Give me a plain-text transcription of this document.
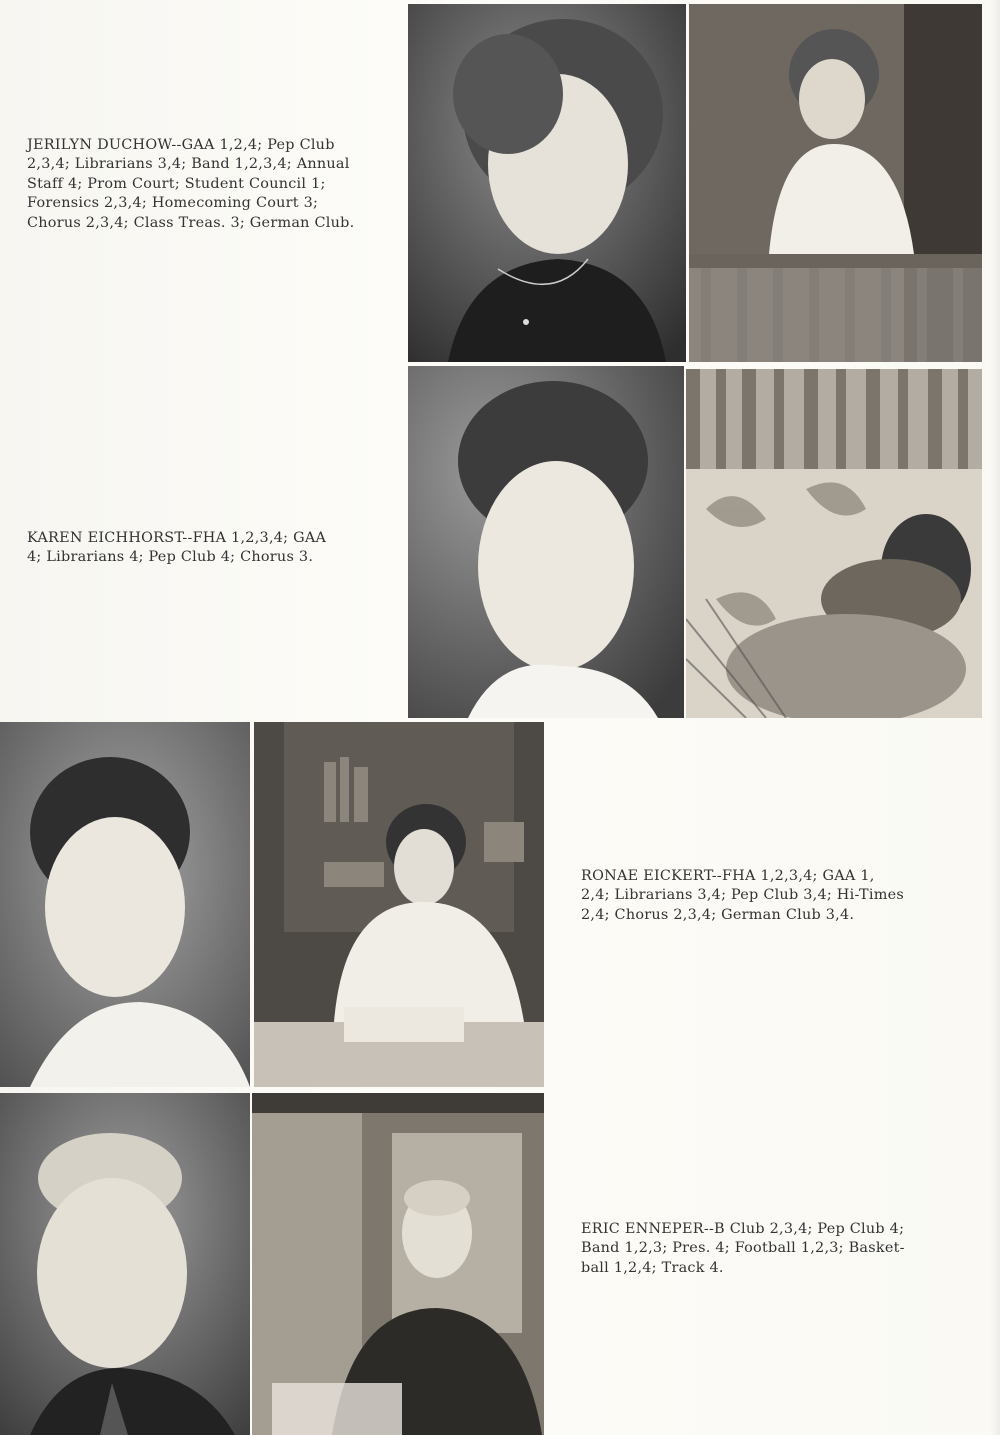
JERILYN DUCHOW--GAA 1,2,4; Pep Club
2,3,4; Librarians 3,4; Band 1,2,3,4; Annual
Staff 4; Prom Court; Student Council 1;
Forensics 2,3,4; Homecoming Court 3;
Chorus 2,3,4; Class Treas. 3; German Club.
KAREN EICHHORST--FHA 1,2,3,4; GAA
4; Librarians 4; Pep Club 4; Chorus 3.
RONAE EICKERT--FHA 1,2,3,4; GAA 1,
2,4; Librarians 3,4; Pep Club 3,4; Hi-Times
2,4; Chorus 2,3,4; German Club 3,4.
ERIC ENNEPER--B Club 2,3,4; Pep Club 4;
Band 1,2,3; Pres. 4; Football 1,2,3; Basket-
ball 1,2,4; Track 4.
